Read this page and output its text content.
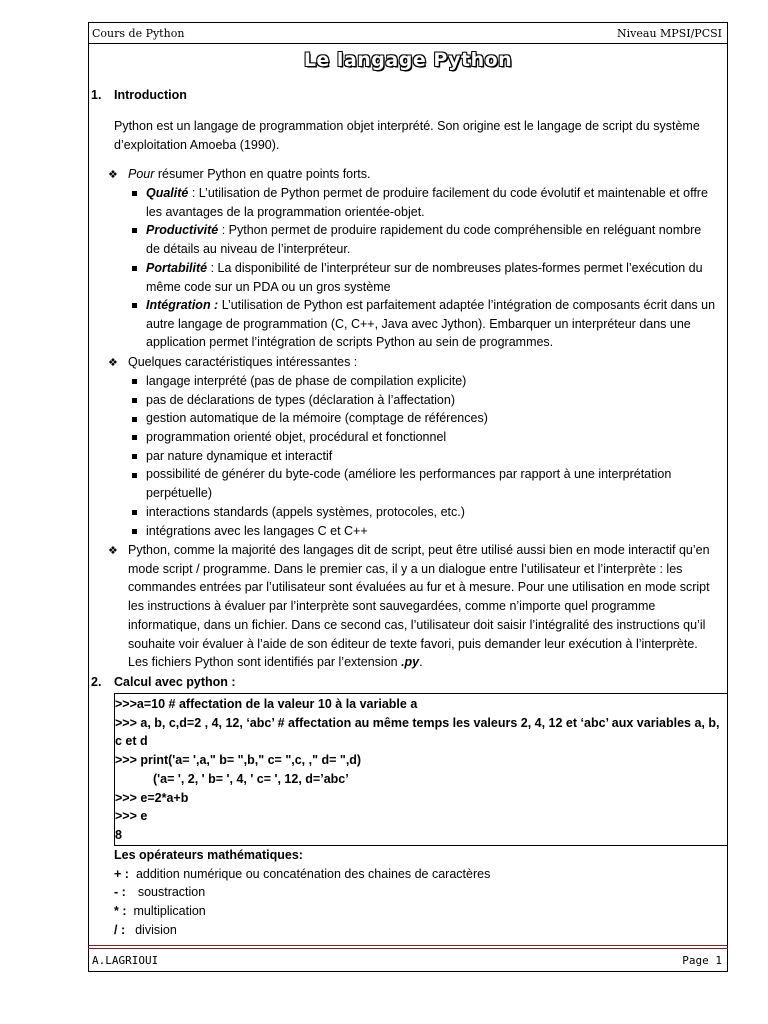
Cours de Python	Niveau MPSI/PCSI
Le langage Python
1. Introduction
Python est un langage de programmation objet interprété. Son origine est le langage de script du système d’exploitation Amoeba (1990).
❖ Pour résumer Python en quatre points forts.
Qualité : L’utilisation de Python permet de produire facilement du code évolutif et maintenable et offre les avantages de la programmation orientée-objet.
Productivité : Python permet de produire rapidement du code compréhensible en reléguant nombre de détails au niveau de l’interpréteur.
Portabilité : La disponibilité de l’interpréteur sur de nombreuses plates-formes permet l’exécution du même code sur un PDA ou un gros système
Intégration : L’utilisation de Python est parfaitement adaptée l’intégration de composants écrit dans un autre langage de programmation (C, C++, Java avec Jython). Embarquer un interpréteur dans une application permet l’intégration de scripts Python au sein de programmes.
❖ Quelques caractéristiques intéressantes :
langage interprété (pas de phase de compilation explicite)
pas de déclarations de types (déclaration à l’affectation)
gestion automatique de la mémoire (comptage de références)
programmation orienté objet, procédural et fonctionnel
par nature dynamique et interactif
possibilité de générer du byte-code (améliore les performances par rapport à une interprétation perpétuelle)
interactions standards (appels systèmes, protocoles, etc.)
intégrations avec les langages C et C++
❖ Python, comme la majorité des langages dit de script, peut être utilisé aussi bien en mode interactif qu’en mode script / programme. Dans le premier cas, il y a un dialogue entre l’utilisateur et l’interprète : les commandes entrées par l’utilisateur sont évaluées au fur et à mesure. Pour une utilisation en mode script les instructions à évaluer par l’interprète sont sauvegardées, comme n’importe quel programme informatique, dans un fichier. Dans ce second cas, l’utilisateur doit saisir l’intégralité des instructions qu’il souhaite voir évaluer à l’aide de son éditeur de texte favori, puis demander leur exécution à l’interprète. Les fichiers Python sont identifiés par l’extension .py.
2. Calcul avec python :
>>>a=10 # affectation de la valeur 10 à la variable a
>>> a, b, c,d=2 , 4, 12, ‘abc’ # affectation au même temps les valeurs 2, 4, 12 et ‘abc’ aux variables a, b, c et d
>>> print('a= ',a," b= ",b," c= ",c, ," d= ",d)
('a= ', 2, ' b= ', 4, ' c= ', 12, d=’abc’
>>> e=2*a+b
>>> e
8
Les opérateurs mathématiques:
+ : addition numérique ou concaténation des chaines de caractères
- : soustraction
* : multiplication
/ : division
A.LAGRIOUI	Page 1
